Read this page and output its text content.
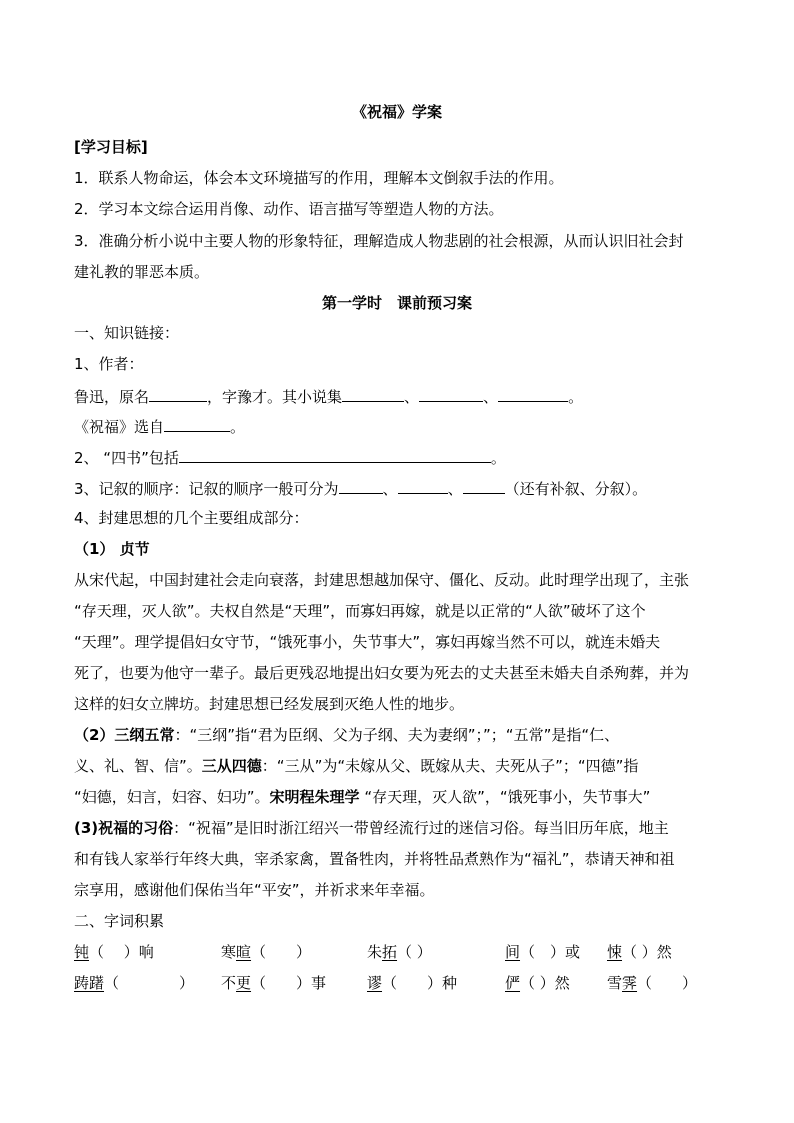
《祝福》学案
[学习目标]
1．联系人物命运，体会本文环境描写的作用，理解本文倒叙手法的作用。
2．学习本文综合运用肖像、动作、语言描写等塑造人物的方法。
3．准确分析小说中主要人物的形象特征，理解造成人物悲剧的社会根源，从而认识旧社会封
建礼教的罪恶本质。
第一学时　课前预习案
一、知识链接：
1、作者：
鲁迅，原名	，字豫才。其小说集	、	、	。
《祝福》选自	。
2、 “四书”包括	。
3、记叙的顺序：记叙的顺序一般可分为	、	、	（还有补叙、分叙）。
4、封建思想的几个主要组成部分：
（1） 贞节
从宋代起，中国封建社会走向衰落，封建思想越加保守、僵化、反动。此时理学出现了，主张
“存天理，灭人欲”。夫权自然是“天理”，而寡妇再嫁，就是以正常的“人欲”破坏了这个
“天理”。理学提倡妇女守节，“饿死事小，失节事大”，寡妇再嫁当然不可以，就连未婚夫
死了，也要为他守一辈子。最后更残忍地提出妇女要为死去的丈夫甚至未婚夫自杀殉葬，并为
这样的妇女立牌坊。封建思想已经发展到灭绝人性的地步。
（2）三纲五常：“三纲”指“君为臣纲、父为子纲、夫为妻纲”；”；“五常”是指“仁、
义、礼、智、信”。三从四德：“三从”为“未嫁从父、既嫁从夫、夫死从子”；“四德”指
“妇德，妇言，妇容、妇功”。宋明程朱理学 “存天理，灭人欲”，“饿死事小，失节事大”
(3)祝福的习俗：“祝福”是旧时浙江绍兴一带曾经流行过的迷信习俗。每当旧历年底，地主
和有钱人家举行年终大典，宰杀家禽，置备牲肉，并将牲品煮熟作为“福礼”，恭请天神和祖
宗享用，感谢他们保佑当年“平安”，并祈求来年幸福。
二、字词积累
钝（　 ）响	寒暄（　　）	朱拓（ ）	间（　）或 悚（ ）然
踌躇（　　　　） 不更（　　）事	谬（　　）种	俨（ ）然 雪霁（　　）
